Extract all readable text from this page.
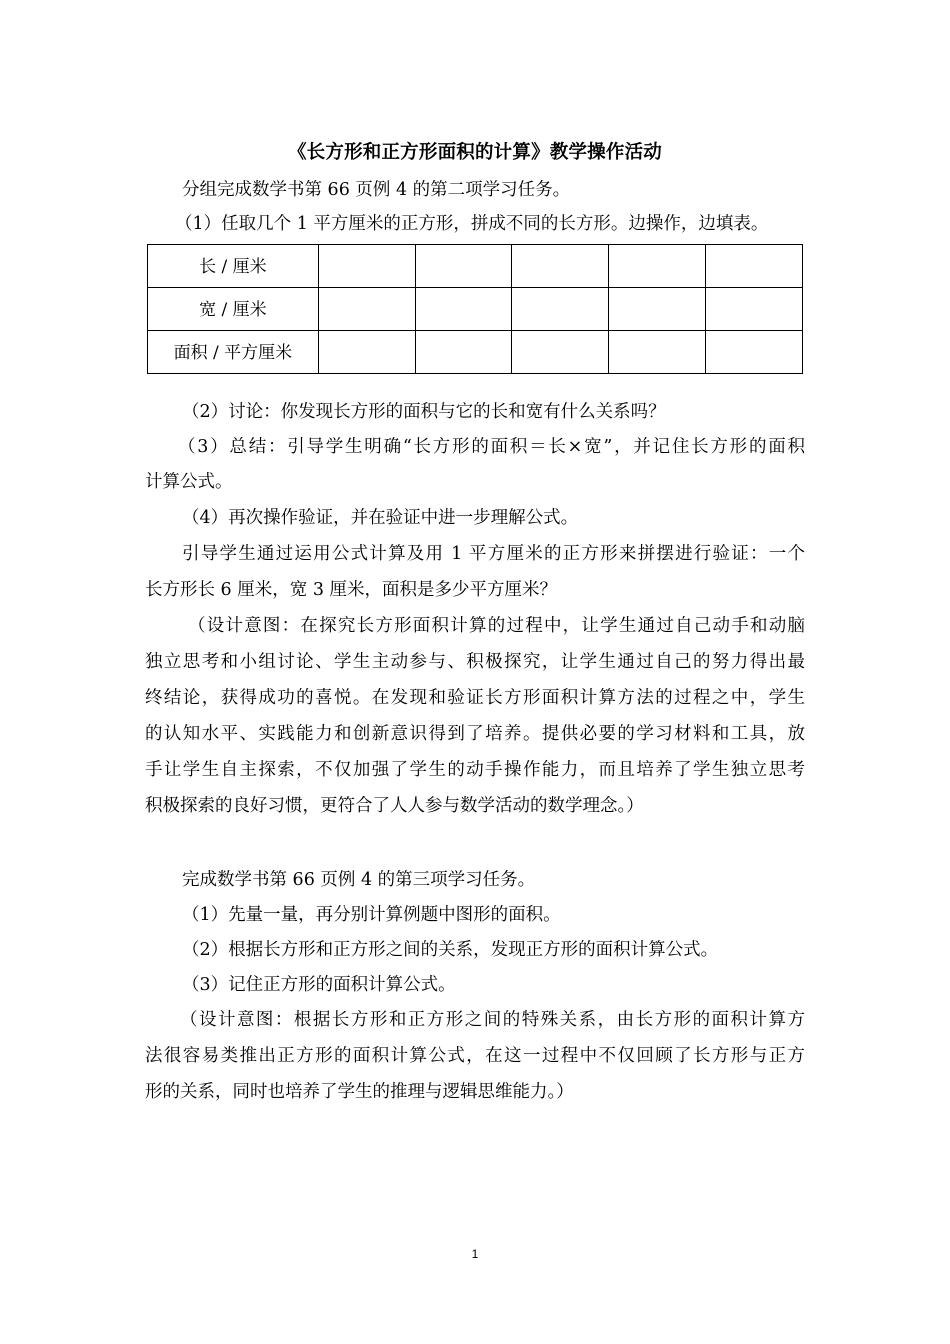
《长方形和正方形面积的计算》教学操作活动
分组完成数学书第 66 页例 4 的第二项学习任务。
（1）任取几个 1 平方厘米的正方形，拼成不同的长方形。边操作，边填表。
长 / 厘米					
宽 / 厘米					
面积 / 平方厘米					
（2）讨论：你发现长方形的面积与它的长和宽有什么关系吗？
（3）总结：引导学生明确“长方形的面积＝长×宽”，并记住长方形的面积
计算公式。
（4）再次操作验证，并在验证中进一步理解公式。
引导学生通过运用公式计算及用 1 平方厘米的正方形来拼摆进行验证：一个
长方形长 6 厘米，宽 3 厘米，面积是多少平方厘米？
（设计意图：在探究长方形面积计算的过程中，让学生通过自己动手和动脑
独立思考和小组讨论、学生主动参与、积极探究，让学生通过自己的努力得出最
终结论，获得成功的喜悦。在发现和验证长方形面积计算方法的过程之中，学生
的认知水平、实践能力和创新意识得到了培养。提供必要的学习材料和工具，放
手让学生自主探索，不仅加强了学生的动手操作能力，而且培养了学生独立思考
积极探索的良好习惯，更符合了人人参与数学活动的数学理念。）
完成数学书第 66 页例 4 的第三项学习任务。
（1）先量一量，再分别计算例题中图形的面积。
（2）根据长方形和正方形之间的关系，发现正方形的面积计算公式。
（3）记住正方形的面积计算公式。
（设计意图：根据长方形和正方形之间的特殊关系，由长方形的面积计算方
法很容易类推出正方形的面积计算公式，在这一过程中不仅回顾了长方形与正方
形的关系，同时也培养了学生的推理与逻辑思维能力。）
1
